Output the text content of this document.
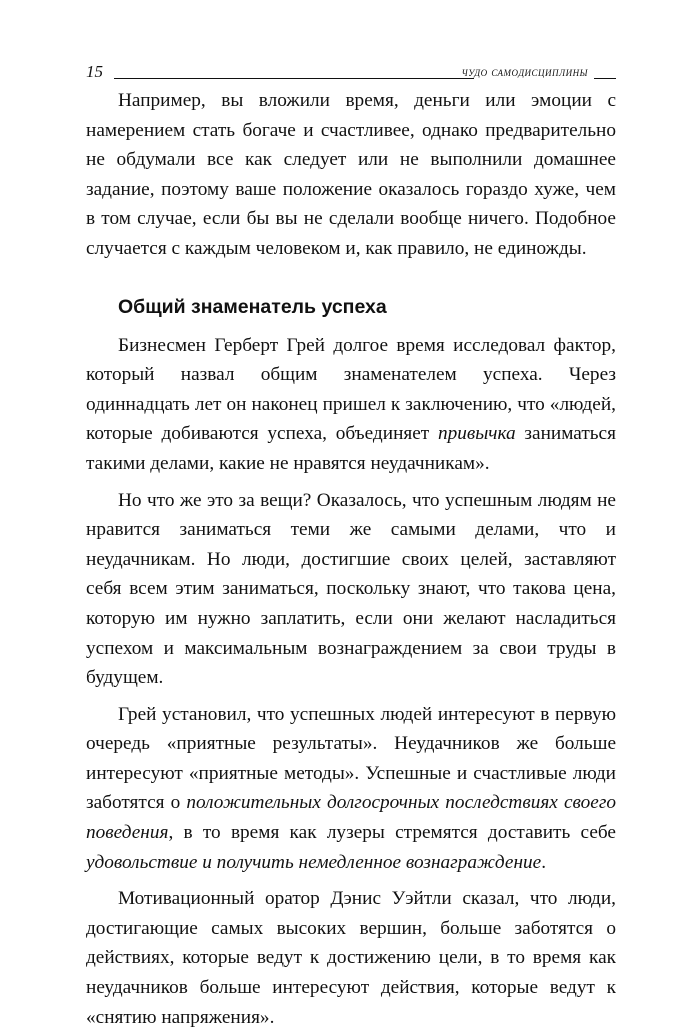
15	чудо самодисциплины

Например, вы вложили время, деньги или эмоции с намерением стать богаче и счастливее, однако предварительно не обдумали все как следует или не выполнили домашнее задание, поэтому ваше положение оказалось гораздо хуже, чем в том случае, если бы вы не сделали вообще ничего. Подобное случается с каждым человеком и, как правило, не единожды.

Общий знаменатель успеха

Бизнесмен Герберт Грей долгое время исследовал фактор, который назвал общим знаменателем успеха. Через одиннадцать лет он наконец пришел к заключению, что «людей, которые добиваются успеха, объединяет привычка заниматься такими делами, какие не нравятся неудачникам».

Но что же это за вещи? Оказалось, что успешным людям не нравится заниматься теми же самыми делами, что и неудачникам. Но люди, достигшие своих целей, заставляют себя всем этим заниматься, поскольку знают, что такова цена, которую им нужно заплатить, если они желают насладиться успехом и максимальным вознаграждением за свои труды в будущем.

Грей установил, что успешных людей интересуют в первую очередь «приятные результаты». Неудачников же больше интересуют «приятные методы». Успешные и счастливые люди заботятся о положительных долгосрочных последствиях своего поведения, в то время как лузеры стремятся доставить себе удовольствие и получить немедленное вознаграждение.

Мотивационный оратор Дэнис Уэйтли сказал, что люди, достигающие самых высоких вершин, больше заботятся о действиях, которые ведут к достижению цели, в то время как неудачников больше интересуют действия, которые ведут к «снятию напряжения».
